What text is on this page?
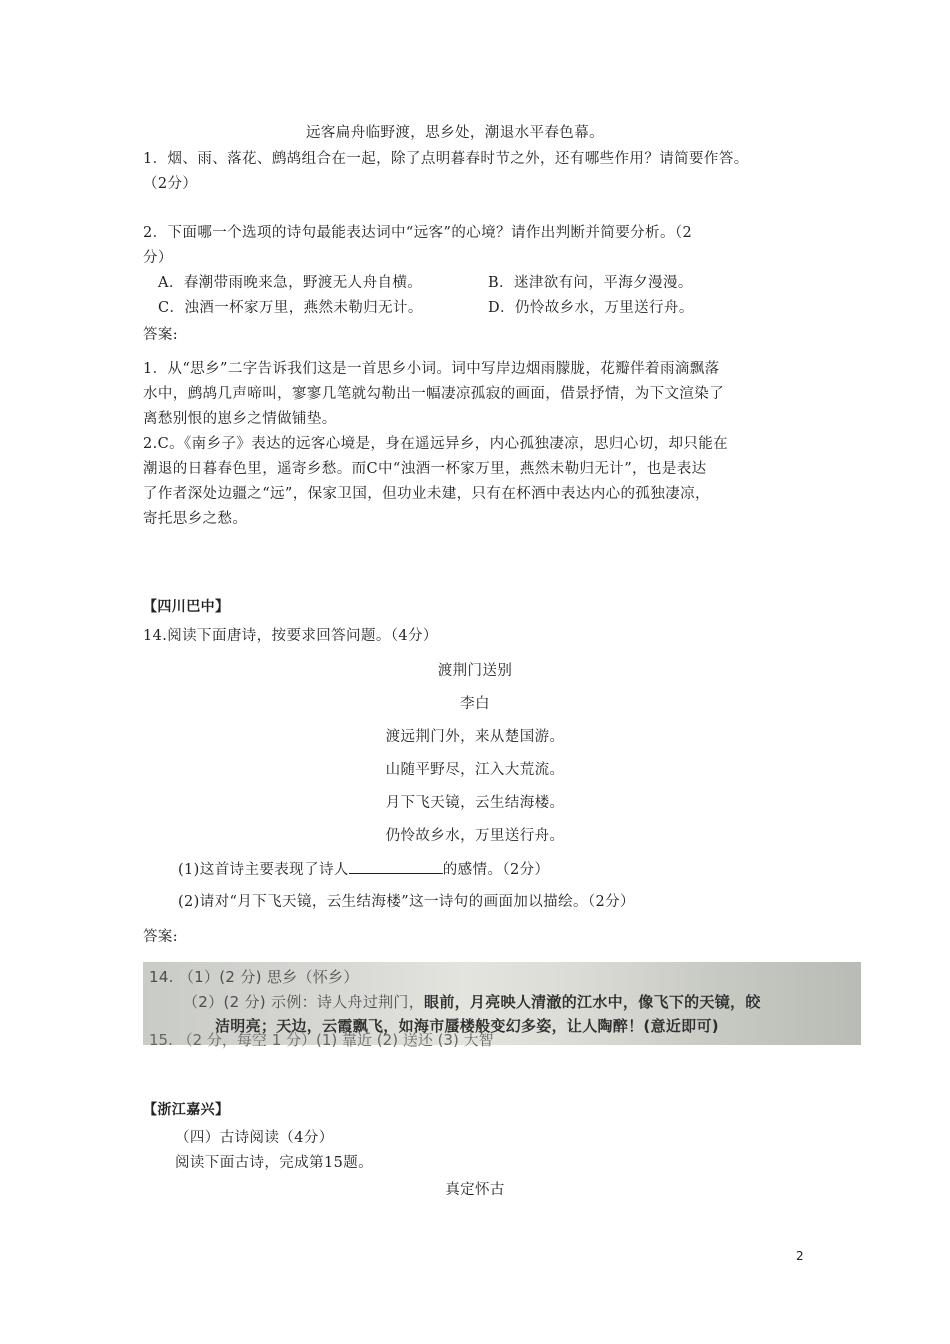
远客扁舟临野渡，思乡处，潮退水平春色幕。
1．烟、雨、落花、鹧鸪组合在一起，除了点明暮春时节之外，还有哪些作用？请简要作答。
（2分）
2．下面哪一个选项的诗句最能表达词中“远客”的心境？请作出判断并简要分析。（2
分）
A．春潮带雨晚来急，野渡无人舟自横。	B．迷津欲有问，平海夕漫漫。
C．浊酒一杯家万里，燕然未勒归无计。	D．仍怜故乡水，万里送行舟。
答案:
1．从“思乡”二字告诉我们这是一首思乡小词。词中写岸边烟雨朦胧，花瓣伴着雨滴飘落
水中，鹧鸪几声啼叫，寥寥几笔就勾勒出一幅凄凉孤寂的画面，借景抒情，为下文渲染了
离愁别恨的崽乡之情做铺垫。
2.C。《南乡子》表达的远客心境是，身在遥远异乡，内心孤独凄凉，思归心切，却只能在
潮退的日暮春色里，遥寄乡愁。而C中“浊酒一杯家万里，燕然未勒归无计”，也是表达
了作者深处边疆之“远”，保家卫国，但功业未建，只有在杯酒中表达内心的孤独凄凉，
寄托思乡之愁。
【四川巴中】
14.阅读下面唐诗，按要求回答问题。（4分）
渡荆门送别
李白
渡远荆门外，来从楚国游。
山随平野尽，江入大荒流。
月下飞天镜，云生结海楼。
仍怜故乡水，万里送行舟。
(1)这首诗主要表现了诗人	的感情。（2分）
(2)请对“月下飞天镜，云生结海楼”这一诗句的画面加以描绘。（2分）
答案:
14. （1）(2 分) 思乡（怀乡）
（2）(2 分) 示例：诗人舟过荆门，眼前，月亮映人清澈的江水中，像飞下的天镜，皎
洁明亮；天边，云霞飘飞，如海市蜃楼般变幻多姿，让人陶醉！(意近即可)
15. （2 分，每空 1 分）(1) 靠近 (2) 送还 (3) 大智
【浙江嘉兴】
（四）古诗阅读（4分）
阅读下面古诗，完成第15题。
真定怀古
2
